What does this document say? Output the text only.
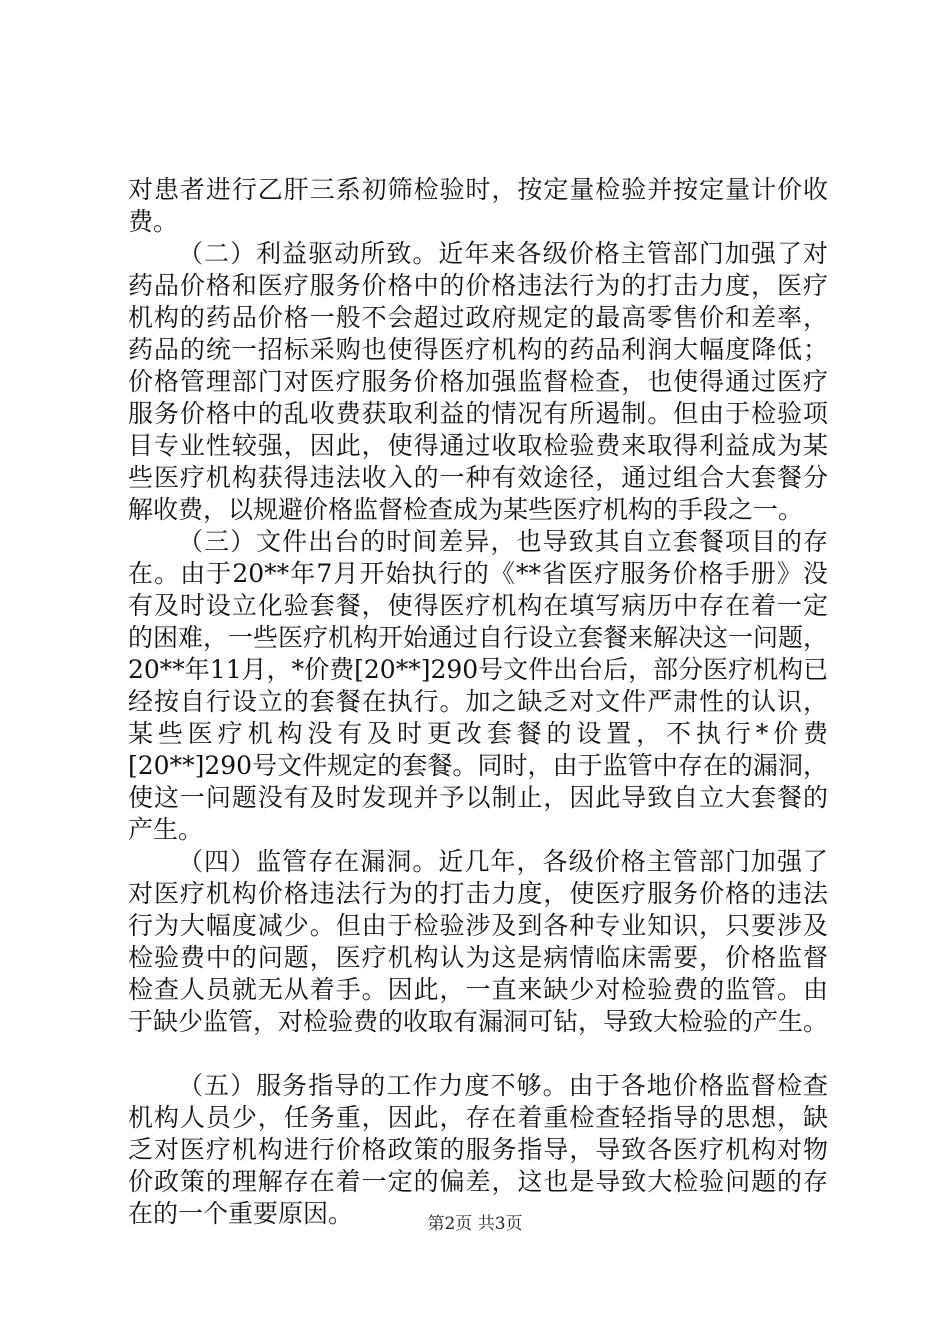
对患者进行乙肝三系初筛检验时，按定量检验并按定量计价收
费。
（二）利益驱动所致。近年来各级价格主管部门加强了对
药品价格和医疗服务价格中的价格违法行为的打击力度，医疗
机构的药品价格一般不会超过政府规定的最高零售价和差率，
药品的统一招标采购也使得医疗机构的药品利润大幅度降低；
价格管理部门对医疗服务价格加强监督检查，也使得通过医疗
服务价格中的乱收费获取利益的情况有所遏制。但由于检验项
目专业性较强，因此，使得通过收取检验费来取得利益成为某
些医疗机构获得违法收入的一种有效途径，通过组合大套餐分
解收费，以规避价格监督检查成为某些医疗机构的手段之一。
（三）文件出台的时间差异，也导致其自立套餐项目的存
在。由于20**年7月开始执行的《**省医疗服务价格手册》没
有及时设立化验套餐，使得医疗机构在填写病历中存在着一定
的困难，一些医疗机构开始通过自行设立套餐来解决这一问题，
20**年11月，*价费[20**]290号文件出台后，部分医疗机构已
经按自行设立的套餐在执行。加之缺乏对文件严肃性的认识，
某些医疗机构没有及时更改套餐的设置，不执行*价费
[20**]290号文件规定的套餐。同时，由于监管中存在的漏洞，
使这一问题没有及时发现并予以制止，因此导致自立大套餐的
产生。
（四）监管存在漏洞。近几年，各级价格主管部门加强了
对医疗机构价格违法行为的打击力度，使医疗服务价格的违法
行为大幅度减少。但由于检验涉及到各种专业知识，只要涉及
检验费中的问题，医疗机构认为这是病情临床需要，价格监督
检查人员就无从着手。因此，一直来缺少对检验费的监管。由
于缺少监管，对检验费的收取有漏洞可钻，导致大检验的产生。
（五）服务指导的工作力度不够。由于各地价格监督检查
机构人员少，任务重，因此，存在着重检查轻指导的思想，缺
乏对医疗机构进行价格政策的服务指导，导致各医疗机构对物
价政策的理解存在着一定的偏差，这也是导致大检验问题的存
在的一个重要原因。	第2页 共3页
